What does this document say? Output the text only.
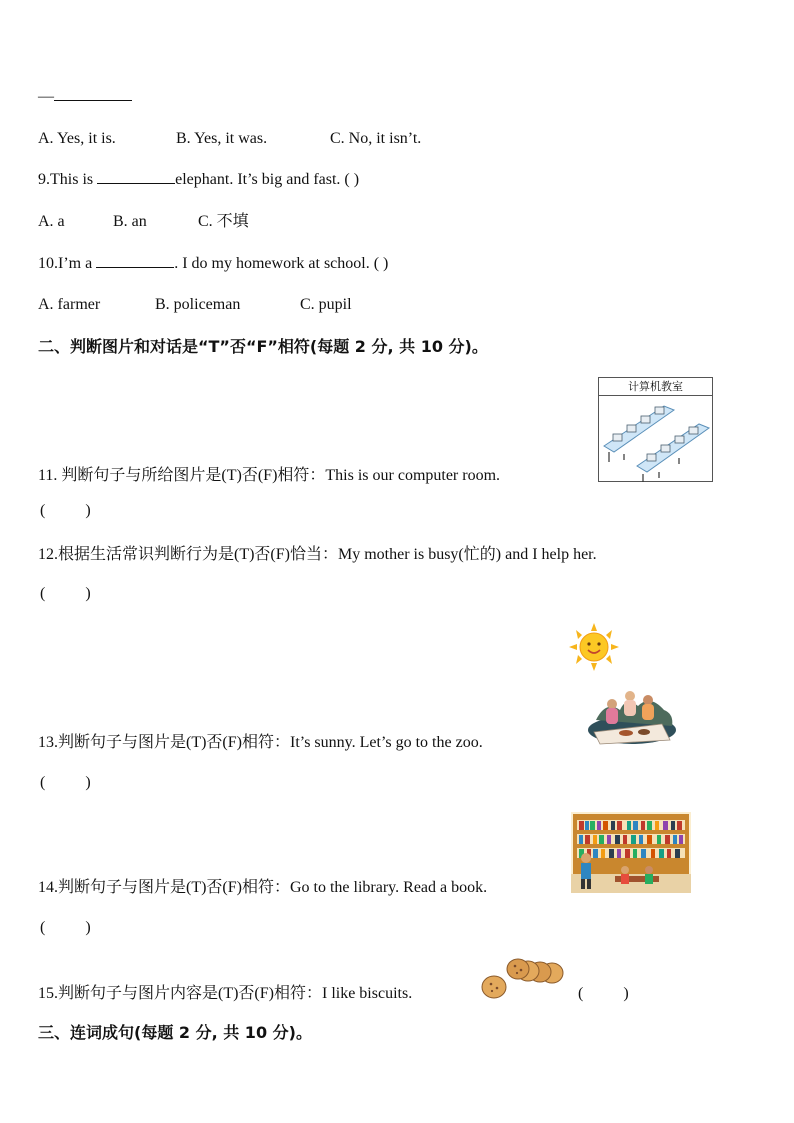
—
A. Yes, it is.	B. Yes, it was.	C. No, it isn’t.
9.This is	elephant. It’s big and fast. ( )
A. a	B. an	C. 不填
10.I’m a	. I do my homework at school. ( )
A. farmer	B. policeman	C. pupil
二、判断图片和对话是“T”否“F”相符(每题 2 分, 共 10 分)。
计算机教室
11. 判断句子与所给图片是(T)否(F)相符：This is our computer room.
(          )
12.根据生活常识判断行为是(T)否(F)恰当：My mother is busy(忙的) and I help her.
(          )
13.判断句子与图片是(T)否(F)相符：It’s sunny. Let’s go to the zoo.
(          )
14.判断句子与图片是(T)否(F)相符：Go to the library. Read a book.
(          )
15.判断句子与图片内容是(T)否(F)相符：I like biscuits.	(          )
三、连词成句(每题 2 分, 共 10 分)。
